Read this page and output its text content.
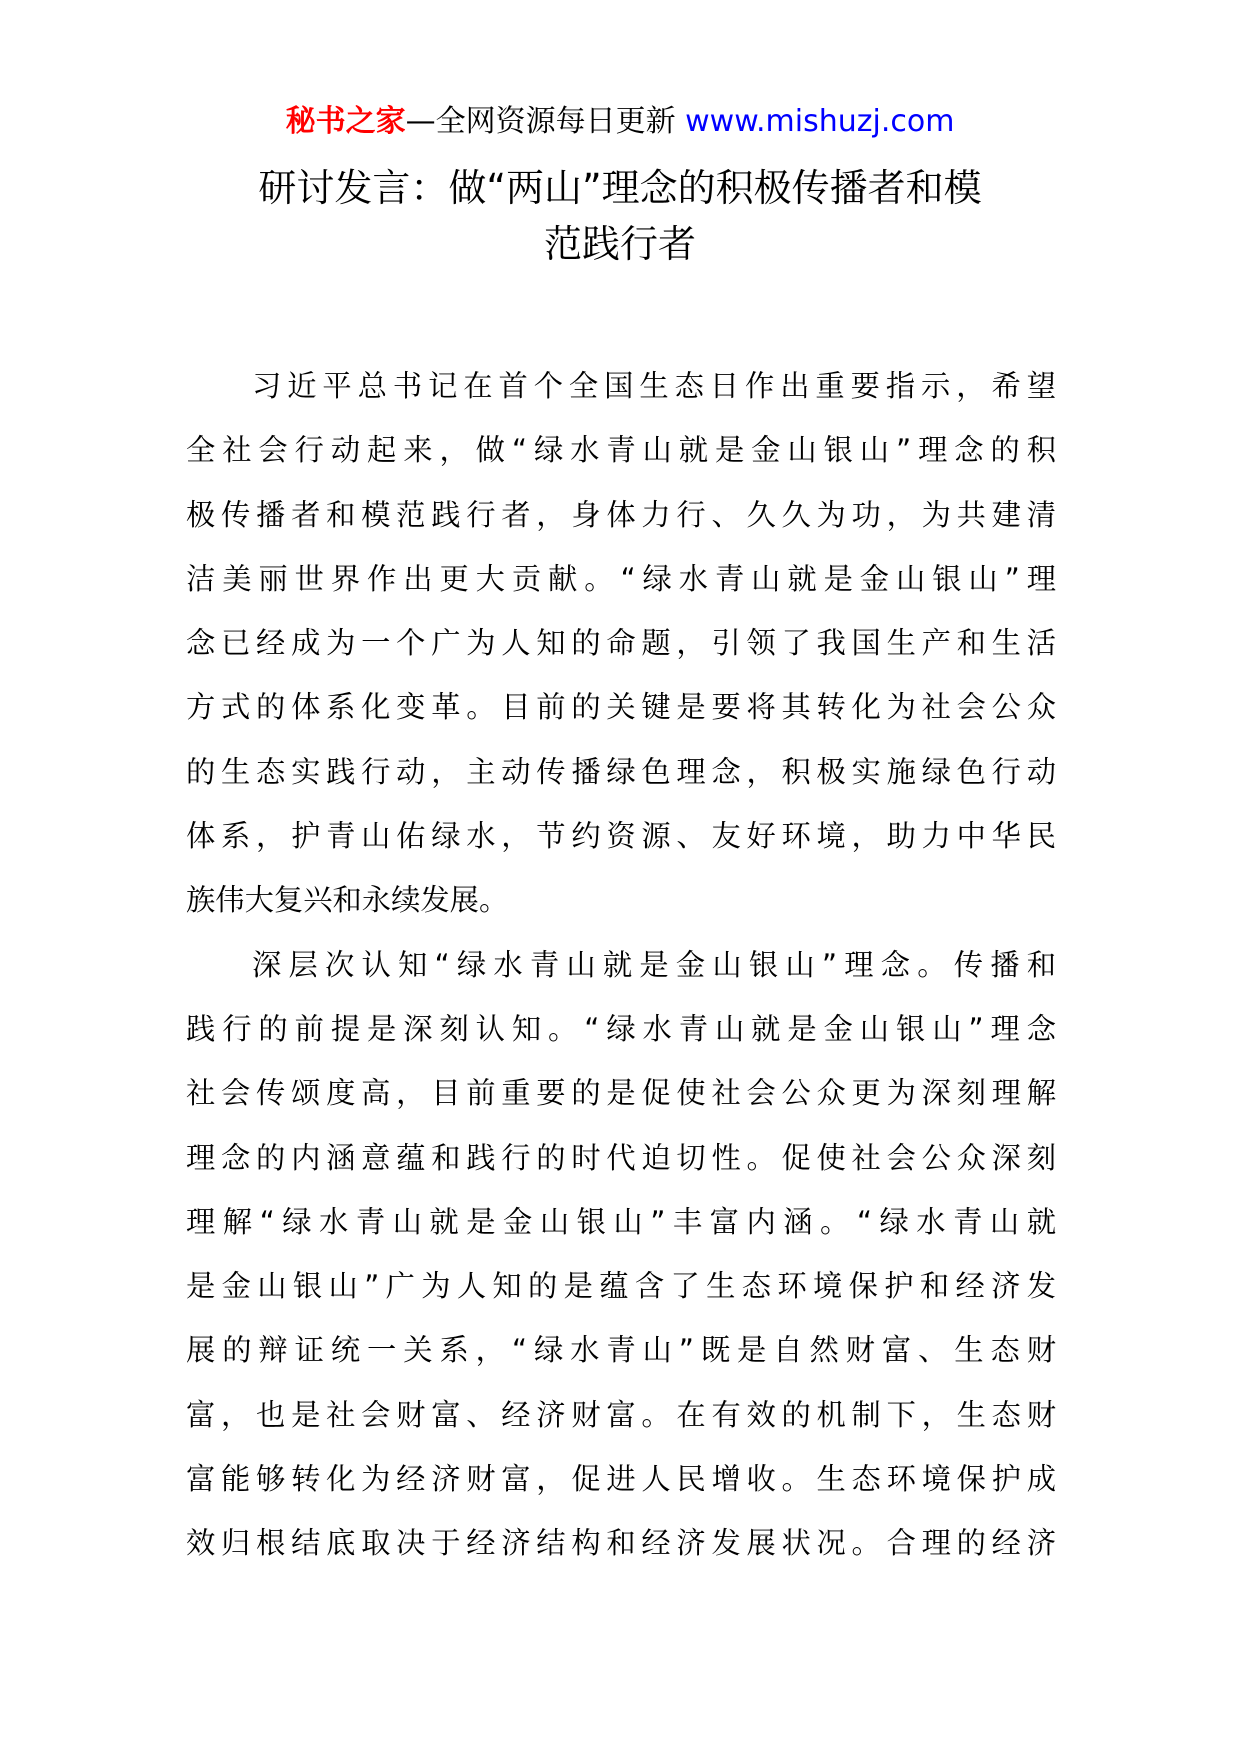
秘书之家—全网资源每日更新 www.mishuzj.com
研讨发言：做“两山”理念的积极传播者和模
范践行者
习近平总书记在首个全国生态日作出重要指示，希望
全社会行动起来，做“绿水青山就是金山银山”理念的积
极传播者和模范践行者，身体力行、久久为功，为共建清
洁美丽世界作出更大贡献。“绿水青山就是金山银山”理
念已经成为一个广为人知的命题，引领了我国生产和生活
方式的体系化变革。目前的关键是要将其转化为社会公众
的生态实践行动，主动传播绿色理念，积极实施绿色行动
体系，护青山佑绿水，节约资源、友好环境，助力中华民
族伟大复兴和永续发展。
深层次认知“绿水青山就是金山银山”理念。传播和
践行的前提是深刻认知。“绿水青山就是金山银山”理念
社会传颂度高，目前重要的是促使社会公众更为深刻理解
理念的内涵意蕴和践行的时代迫切性。促使社会公众深刻
理解“绿水青山就是金山银山”丰富内涵。“绿水青山就
是金山银山”广为人知的是蕴含了生态环境保护和经济发
展的辩证统一关系，“绿水青山”既是自然财富、生态财
富，也是社会财富、经济财富。在有效的机制下，生态财
富能够转化为经济财富，促进人民增收。生态环境保护成
效归根结底取决于经济结构和经济发展状况。合理的经济
